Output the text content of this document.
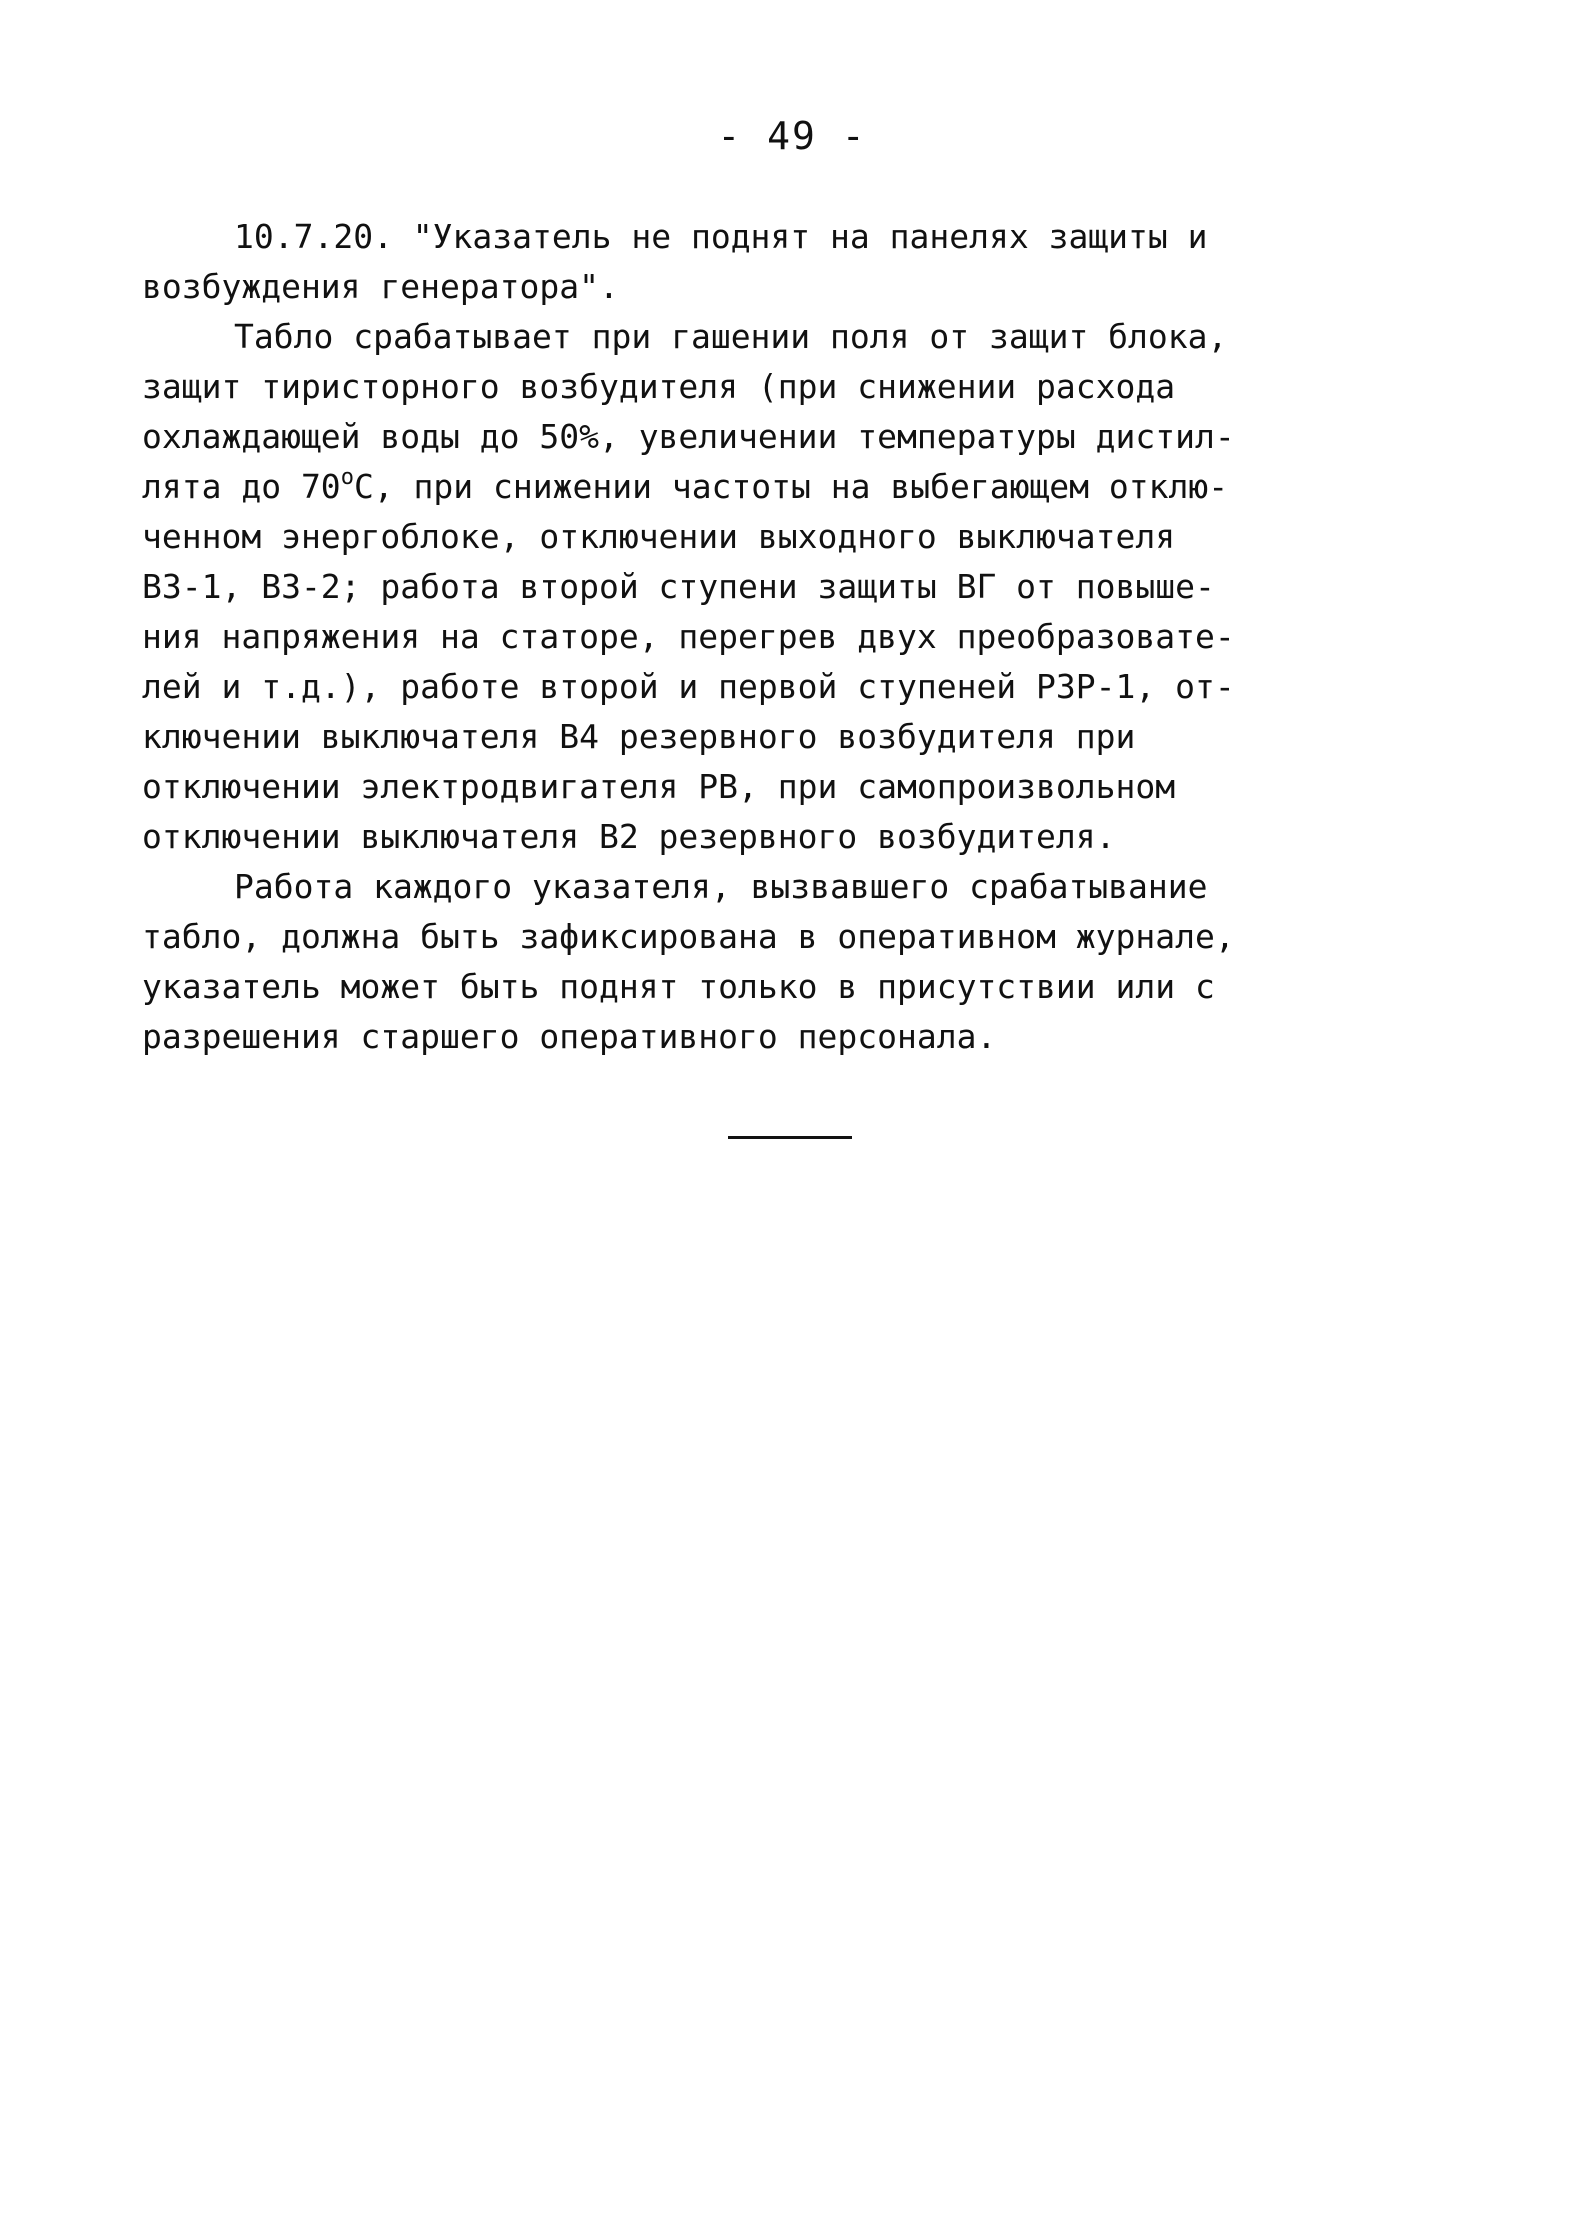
- 49 -
10.7.20. "Указатель не поднят на панелях защиты и
возбуждения генератора".
Табло срабатывает при гашении поля от защит блока,
защит тиристорного возбудителя (при снижении расхода
охлаждающей воды до 50%, увеличении температуры дистил-
лята до 70$^o$С, при снижении частоты на выбегающем отклю-
ченном энергоблоке, отключении выходного выключателя
ВЗ-1, ВЗ-2; работа второй ступени защиты ВГ от повыше-
ния напряжения на статоре, перегрев двух преобразовате-
лей и т.д.), работе второй и первой ступеней РЗР-1, от-
ключении выключателя В4 резервного возбудителя при
отключении электродвигателя РВ, при самопроизвольном
отключении выключателя В2 резервного возбудителя.
Работа каждого указателя, вызвавшего срабатывание
табло, должна быть зафиксирована в оперативном журнале,
указатель может быть поднят только в присутствии или с
разрешения старшего оперативного персонала.
